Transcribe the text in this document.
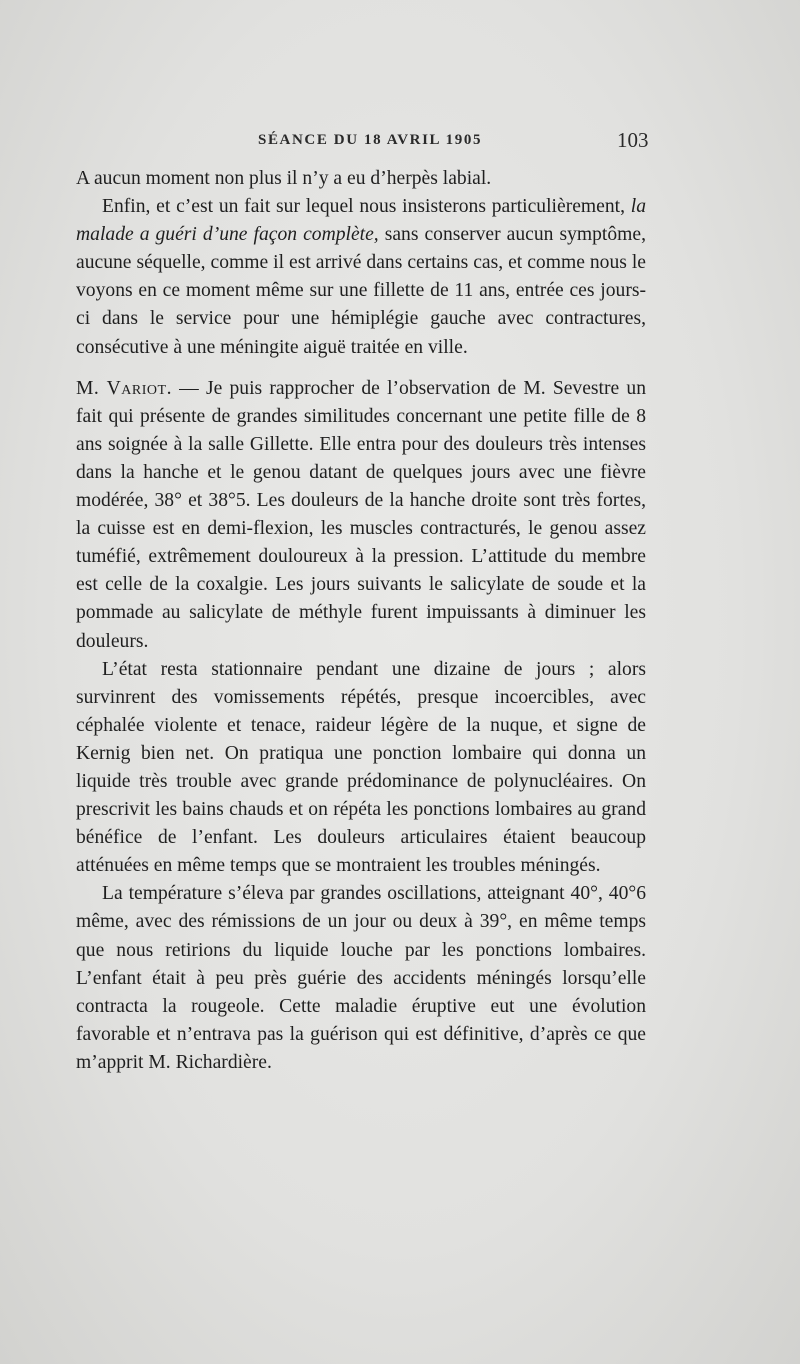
SÉANCE DU 18 AVRIL 1905	103

A aucun moment non plus il n’y a eu d’herpès labial.

Enfin, et c’est un fait sur lequel nous insisterons particulièrement, la malade a guéri d’une façon complète, sans conserver aucun symptôme, aucune séquelle, comme il est arrivé dans certains cas, et comme nous le voyons en ce moment même sur une fillette de 11 ans, entrée ces jours-ci dans le service pour une hémiplégie gauche avec contractures, consécutive à une méningite aiguë traitée en ville.

M. Variot. — Je puis rapprocher de l’observation de M. Sevestre un fait qui présente de grandes similitudes concernant une petite fille de 8 ans soignée à la salle Gillette. Elle entra pour des douleurs très intenses dans la hanche et le genou datant de quelques jours avec une fièvre modérée, 38° et 38°5. Les douleurs de la hanche droite sont très fortes, la cuisse est en demi-flexion, les muscles contracturés, le genou assez tuméfié, extrêmement douloureux à la pression. L’attitude du membre est celle de la coxalgie. Les jours suivants le salicylate de soude et la pommade au salicylate de méthyle furent impuissants à diminuer les douleurs.

L’état resta stationnaire pendant une dizaine de jours ; alors survinrent des vomissements répétés, presque incoercibles, avec céphalée violente et tenace, raideur légère de la nuque, et signe de Kernig bien net. On pratiqua une ponction lombaire qui donna un liquide très trouble avec grande prédominance de polynucléaires. On prescrivit les bains chauds et on répéta les ponctions lombaires au grand bénéfice de l’enfant. Les douleurs articulaires étaient beaucoup atténuées en même temps que se montraient les troubles méningés.

La température s’éleva par grandes oscillations, atteignant 40°, 40°6 même, avec des rémissions de un jour ou deux à 39°, en même temps que nous retirions du liquide louche par les ponctions lombaires. L’enfant était à peu près guérie des accidents méningés lorsqu’elle contracta la rougeole. Cette maladie éruptive eut une évolution favorable et n’entrava pas la guérison qui est définitive, d’après ce que m’apprit M. Richardière.
